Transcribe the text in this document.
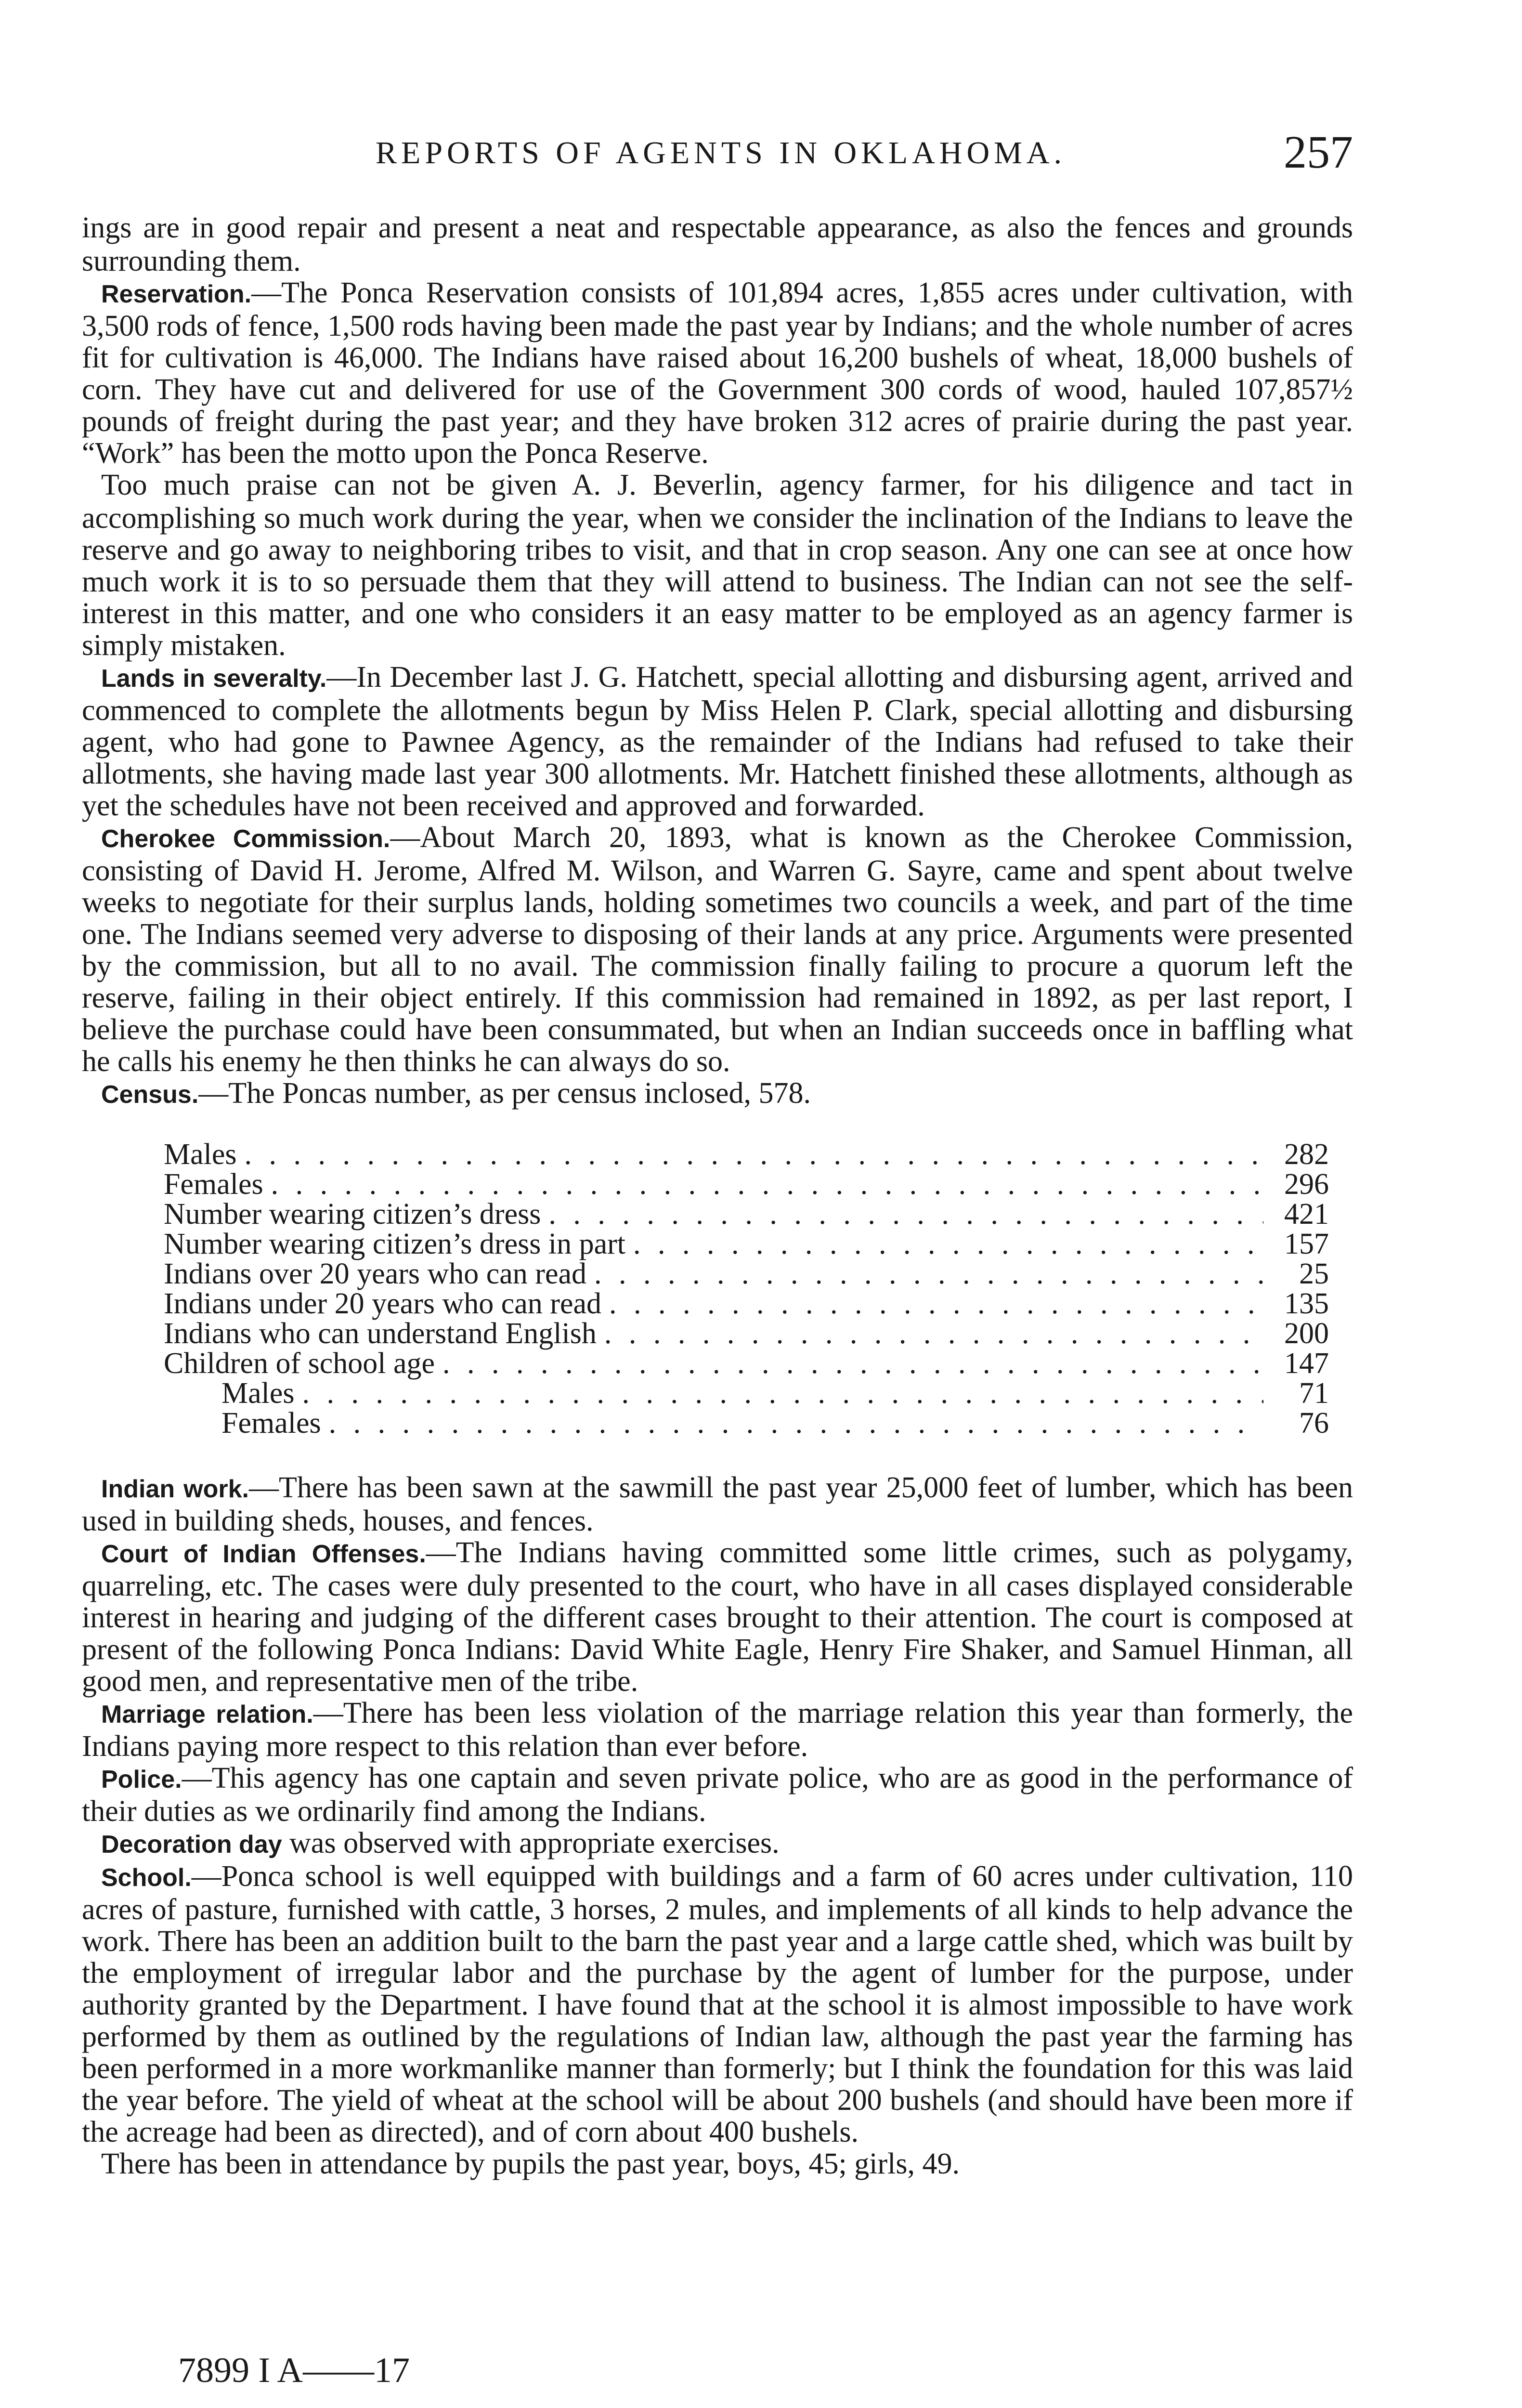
REPORTS OF AGENTS IN OKLAHOMA.	257

ings are in good repair and present a neat and respectable appearance, as also the fences and grounds surrounding them.

Reservation.—The Ponca Reservation consists of 101,894 acres, 1,855 acres under cultivation, with 3,500 rods of fence, 1,500 rods having been made the past year by Indians; and the whole number of acres fit for cultivation is 46,000. The Indians have raised about 16,200 bushels of wheat, 18,000 bushels of corn. They have cut and delivered for use of the Government 300 cords of wood, hauled 107,857½ pounds of freight during the past year; and they have broken 312 acres of prairie during the past year. “Work” has been the motto upon the Ponca Reserve.

Too much praise can not be given A. J. Beverlin, agency farmer, for his diligence and tact in accomplishing so much work during the year, when we consider the inclination of the Indians to leave the reserve and go away to neighboring tribes to visit, and that in crop season. Any one can see at once how much work it is to so persuade them that they will attend to business. The Indian can not see the self-interest in this matter, and one who considers it an easy matter to be employed as an agency farmer is simply mistaken.

Lands in severalty.—In December last J. G. Hatchett, special allotting and disbursing agent, arrived and commenced to complete the allotments begun by Miss Helen P. Clark, special allotting and disbursing agent, who had gone to Pawnee Agency, as the remainder of the Indians had refused to take their allotments, she having made last year 300 allotments. Mr. Hatchett finished these allotments, although as yet the schedules have not been received and approved and forwarded.

Cherokee Commission.—About March 20, 1893, what is known as the Cherokee Commission, consisting of David H. Jerome, Alfred M. Wilson, and Warren G. Sayre, came and spent about twelve weeks to negotiate for their surplus lands, holding sometimes two councils a week, and part of the time one. The Indians seemed very adverse to disposing of their lands at any price. Arguments were presented by the commission, but all to no avail. The commission finally failing to procure a quorum left the reserve, failing in their object entirely. If this commission had remained in 1892, as per last report, I believe the purchase could have been consummated, but when an Indian succeeds once in baffling what he calls his enemy he then thinks he can always do so.

Census.—The Poncas number, as per census inclosed, 578.

Males . . .	282
Females . . .	296
Number wearing citizen’s dress . . .	421
Number wearing citizen’s dress in part . . .	157
Indians over 20 years who can read . . .	25
Indians under 20 years who can read . . .	135
Indians who can understand English . . .	200
Children of school age . . .	147
Males . . .	71
Females . . .	76

Indian work.—There has been sawn at the sawmill the past year 25,000 feet of lumber, which has been used in building sheds, houses, and fences.

Court of Indian Offenses.—The Indians having committed some little crimes, such as polygamy, quarreling, etc. The cases were duly presented to the court, who have in all cases displayed considerable interest in hearing and judging of the different cases brought to their attention. The court is composed at present of the following Ponca Indians: David White Eagle, Henry Fire Shaker, and Samuel Hinman, all good men, and representative men of the tribe.

Marriage relation.—There has been less violation of the marriage relation this year than formerly, the Indians paying more respect to this relation than ever before.

Police.—This agency has one captain and seven private police, who are as good in the performance of their duties as we ordinarily find among the Indians.

Decoration day was observed with appropriate exercises.

School.—Ponca school is well equipped with buildings and a farm of 60 acres under cultivation, 110 acres of pasture, furnished with cattle, 3 horses, 2 mules, and implements of all kinds to help advance the work. There has been an addition built to the barn the past year and a large cattle shed, which was built by the employment of irregular labor and the purchase by the agent of lumber for the purpose, under authority granted by the Department. I have found that at the school it is almost impossible to have work performed by them as outlined by the regulations of Indian law, although the past year the farming has been performed in a more workmanlike manner than formerly; but I think the foundation for this was laid the year before. The yield of wheat at the school will be about 200 bushels (and should have been more if the acreage had been as directed), and of corn about 400 bushels.

There has been in attendance by pupils the past year, boys, 45; girls, 49.

7899 I A——17
